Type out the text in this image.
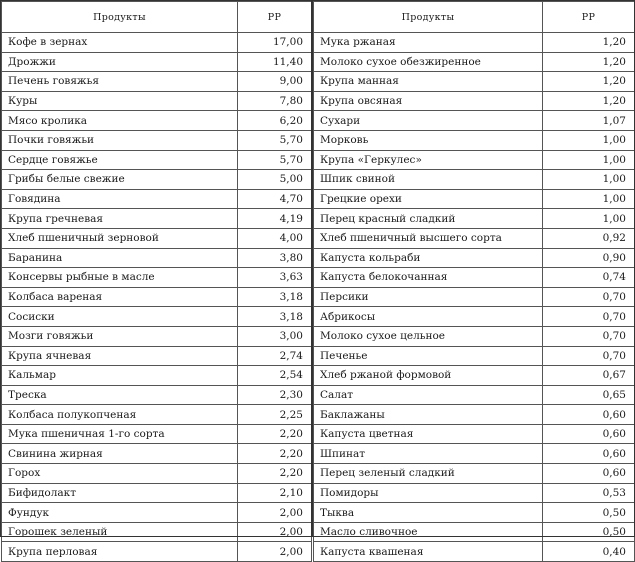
Продукты	PP
Кофе в зернах	17,00
Дрожжи	11,40
Печень говяжья	9,00
Куры	7,80
Мясо кролика	6,20
Почки говяжьи	5,70
Сердце говяжье	5,70
Грибы белые свежие	5,00
Говядина	4,70
Крупа гречневая	4,19
Хлеб пшеничный зерновой	4,00
Баранина	3,80
Консервы рыбные в масле	3,63
Колбаса вареная	3,18
Сосиски	3,18
Мозги говяжьи	3,00
Крупа ячневая	2,74
Кальмар	2,54
Треска	2,30
Колбаса полукопченая	2,25
Мука пшеничная 1-го сорта	2,20
Свинина жирная	2,20
Горох	2,20
Бифидолакт	2,10
Фундук	2,00
Горошек зеленый	2,00
Крупа перловая	2,00
Продукты	PP
Мука ржаная	1,20
Молоко сухое обезжиренное	1,20
Крупа манная	1,20
Крупа овсяная	1,20
Сухари	1,07
Морковь	1,00
Крупа «Геркулес»	1,00
Шпик свиной	1,00
Грецкие орехи	1,00
Перец красный сладкий	1,00
Хлеб пшеничный высшего сорта	0,92
Капуста кольраби	0,90
Капуста белокочанная	0,74
Персики	0,70
Абрикосы	0,70
Молоко сухое цельное	0,70
Печенье	0,70
Хлеб ржаной формовой	0,67
Салат	0,65
Баклажаны	0,60
Капуста цветная	0,60
Шпинат	0,60
Перец зеленый сладкий	0,60
Помидоры	0,53
Тыква	0,50
Масло сливочное	0,50
Капуста квашеная	0,40
